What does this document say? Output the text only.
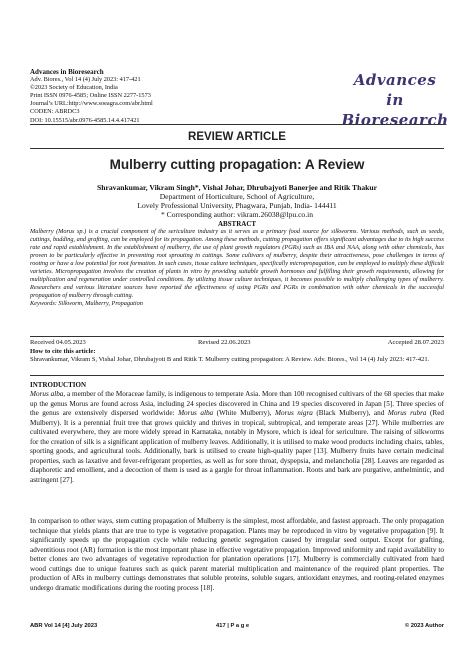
Advances in Bioresearch
Adv. Biores., Vol 14 (4) July 2023: 417-421
©2023 Society of Education, India
Print ISSN 0976-4585; Online ISSN 2277-1573
Journal’s URL:http://www.soeagra.com/abr.html
CODEN: ABRDC3
DOI: 10.15515/abr.0976-4585.14.4.417421
Advances
in
Bioresearch
REVIEW ARTICLE
Mulberry cutting propagation: A Review
Shravankumar, Vikram Singh*, Vishal Johar, Dhrubajyoti Banerjee and Ritik Thakur
Department of Horticulture, School of Agriculture,
Lovely Professional University, Phagwara, Punjab, India- 144411
* Corresponding author: vikram.26038@lpu.co.in
ABSTRACT
Mulberry (Morus sp.) is a crucial component of the sericulture industry as it serves as a primary food source for silkworms. Various methods, such as seeds, cuttings, budding, and grafting, can be employed for its propagation. Among these methods, cutting propagation offers significant advantages due to its high success rate and rapid establishment. In the establishment of mulberry, the use of plant growth regulators (PGRs) such as IBA and NAA, along with other chemicals, has proven to be particularly effective in preventing root sprouting in cuttings. Some cultivars of mulberry, despite their attractiveness, pose challenges in terms of rooting or have a low potential for root formation. In such cases, tissue culture techniques, specifically micropropagation, can be employed to multiply these difficult varieties. Micropropagation involves the creation of plants in vitro by providing suitable growth hormones and fulfilling their growth requirements, allowing for multiplication and regeneration under controlled conditions. By utilizing tissue culture techniques, it becomes possible to multiply challenging types of mulberry. Researchers and various literature sources have reported the effectiveness of using PGRs and PGRs in combination with other chemicals in the successful propagation of mulberry through cutting.
Keywords: Silkworm, Mulberry, Propagation
Received 04.05.2023	Revised 22.06.2023	Accepted 28.07.2023
How to cite this article:
Shravankumar, Vikram S, Vishal Johar, Dhrubajyoti B and Ritik T. Mulberry cutting propagation: A Review. Adv. Biores., Vol 14 (4) July 2023: 417-421.
INTRODUCTION
Morus alba, a member of the Moraceae family, is indigenous to temperate Asia. More than 100 recognised cultivars of the 68 species that make up the genus Morus are found across Asia, including 24 species discovered in China and 19 species discovered in Japan [5]. Three species of the genus are extensively dispersed worldwide: Morus alba (White Mulberry), Morus nigra (Black Mulberry), and Morus rubra (Red Mulberry). It is a perennial fruit tree that grows quickly and thrives in tropical, subtropical, and temperate areas [27]. While mulberries are cultivated everywhere, they are more widely spread in Karnataka, notably in Mysore, which is ideal for sericulture. The raising of silkworms for the creation of silk is a significant application of mulberry leaves. Additionally, it is utilised to make wood products including chairs, tables, sporting goods, and agricultural tools. Additionally, bark is utilised to create high-quality paper [13]. Mulberry fruits have certain medicinal properties, such as laxative and fever-refrigerant properties, as well as for sore throat, dyspepsia, and melancholia [28]. Leaves are regarded as diaphoretic and emollient, and a decoction of them is used as a gargle for throat inflammation. Roots and bark are purgative, anthelmintic, and astringent [27].
In comparison to other ways, stem cutting propagation of Mulberry is the simplest, most affordable, and fastest approach. The only propagation technique that yields plants that are true to type is vegetative propagation. Plants may be reproduced in vitro by vegetative propagation [9]. It significantly speeds up the propagation cycle while reducing genetic segregation caused by irregular seed output. Except for grafting, adventitious root (AR) formation is the most important phase in effective vegetative propagation. Improved uniformity and rapid availability to better clones are two advantages of vegetative reproduction for plantation operations [17]. Mulberry is commercially cultivated from hard wood cuttings due to unique features such as quick parent material multiplication and maintenance of the required plant properties. The production of ARs in mulberry cuttings demonstrates that soluble proteins, soluble sugars, antioxidant enzymes, and rooting-related enzymes undergo dramatic modifications during the rooting process [18].
ABR Vol 14 [4] July 2023	417 | P a g e	© 2023 Author
